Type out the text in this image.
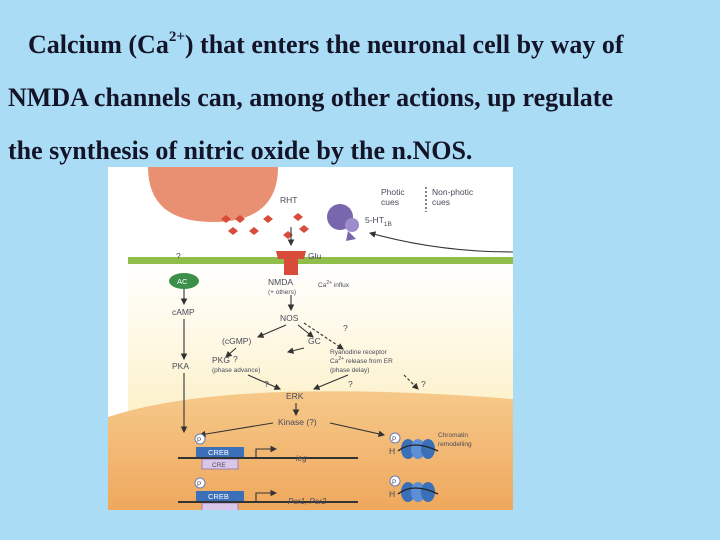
Calcium $(Ca^{2+})$ that enters the neuronal cell by way of
NMDA channels can, among other actions, up regulate
the synthesis of nitric oxide by the n.NOS.
RHT
$5-HT_{1B}$
Photic
cues
Non-photic
cues
Glu
NMDA
(+ others)
$Ca^{2+}$ influx
?
AC
cAMP
PKA
NOS
?
(cGMP)	GC
?
PKG
(phase advance)
Ryanodine receptor
$Ca^{2+}$ release from ER
(phase delay)
?	?	?
ERK
Kinase (?)
P
CREB
CRE
ieg
P
H
Chromatin
remodelling
P
CREB
Per1, Per2
P
H
